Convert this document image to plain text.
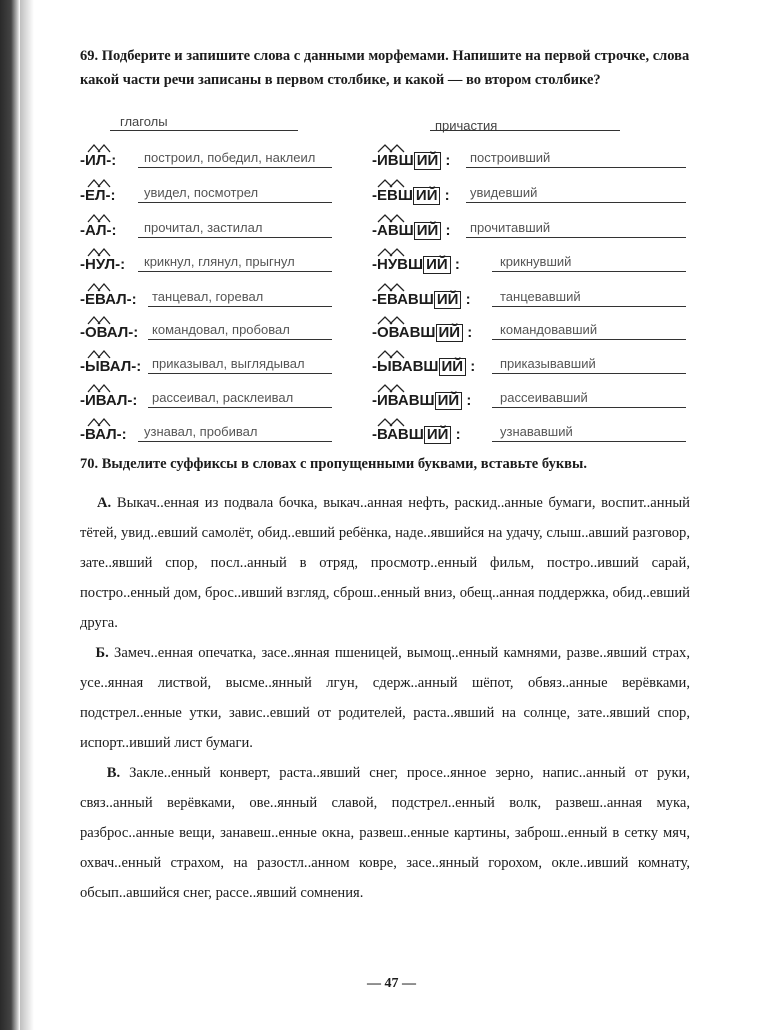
69. Подберите и запишите слова с данными морфемами. Напишите на первой строчке, слова какой части речи записаны в первом столбике, и какой — во втором столбике?
глаголы	причастия
-ИЛ-: построил, победил, наклеил	-ИВШ ИЙ : построивший
-ЕЛ-: увидел, посмотрел	-ЕВШ ИЙ : увидевший
-АЛ-: прочитал, застилал	-АВШ ИЙ : прочитавший
-НУЛ-: крикнул, глянул, прыгнул	-НУВШ ИЙ :	крикнувший
-ЕВАЛ-: танцевал, горевал	-ЕВАВШ ИЙ : танцевавший
-ОВАЛ-: командовал, пробовал	-ОВАВШ ИЙ : командовавший
-ЫВАЛ-: приказывал, выглядывал	-ЫВАВШ ИЙ : приказывавший
-ИВАЛ-: рассеивал, расклеивал	-ИВАВШ ИЙ : рассеивавший
-ВАЛ-: узнавал, пробивал	-ВАВШ ИЙ :	узнававший
70. Выделите суффиксы в словах с пропущенными буквами, вставьте буквы.
А. Выкач..енная из подвала бочка, выкач..анная нефть, раскид..анные бумаги, воспит..анный тётей, увид..евший самолёт, обид..евший ребёнка, наде..явшийся на удачу, слыш..авший разговор, зате..явший спор, посл..анный в отряд, просмотр..енный фильм, постро..ивший сарай, постро..енный дом, брос..ивший взгляд, сброш..енный вниз, обещ..анная поддержка, обид..евший друга.
Б. Замеч..енная опечатка, засе..янная пшеницей, вымощ..енный камнями, разве..явший страх, усе..янная листвой, высме..янный лгун, сдерж..анный шёпот, обвяз..анные верёвками, подстрел..енные утки, завис..евший от родителей, раста..явший на солнце, зате..явший спор, испорт..ивший лист бумаги.
В. Закле..енный конверт, раста..явший снег, просе..янное зерно, напис..анный от руки, связ..анный верёвками, ове..янный славой, подстрел..енный волк, развеш..анная мука, разброс..анные вещи, занавеш..енные окна, развеш..енные картины, заброш..енный в сетку мяч, охвач..енный страхом, на разостл..анном ковре, засе..янный горохом, окле..ивший комнату, обсып..авшийся снег, рассе..явший сомнения.
— 47 —
